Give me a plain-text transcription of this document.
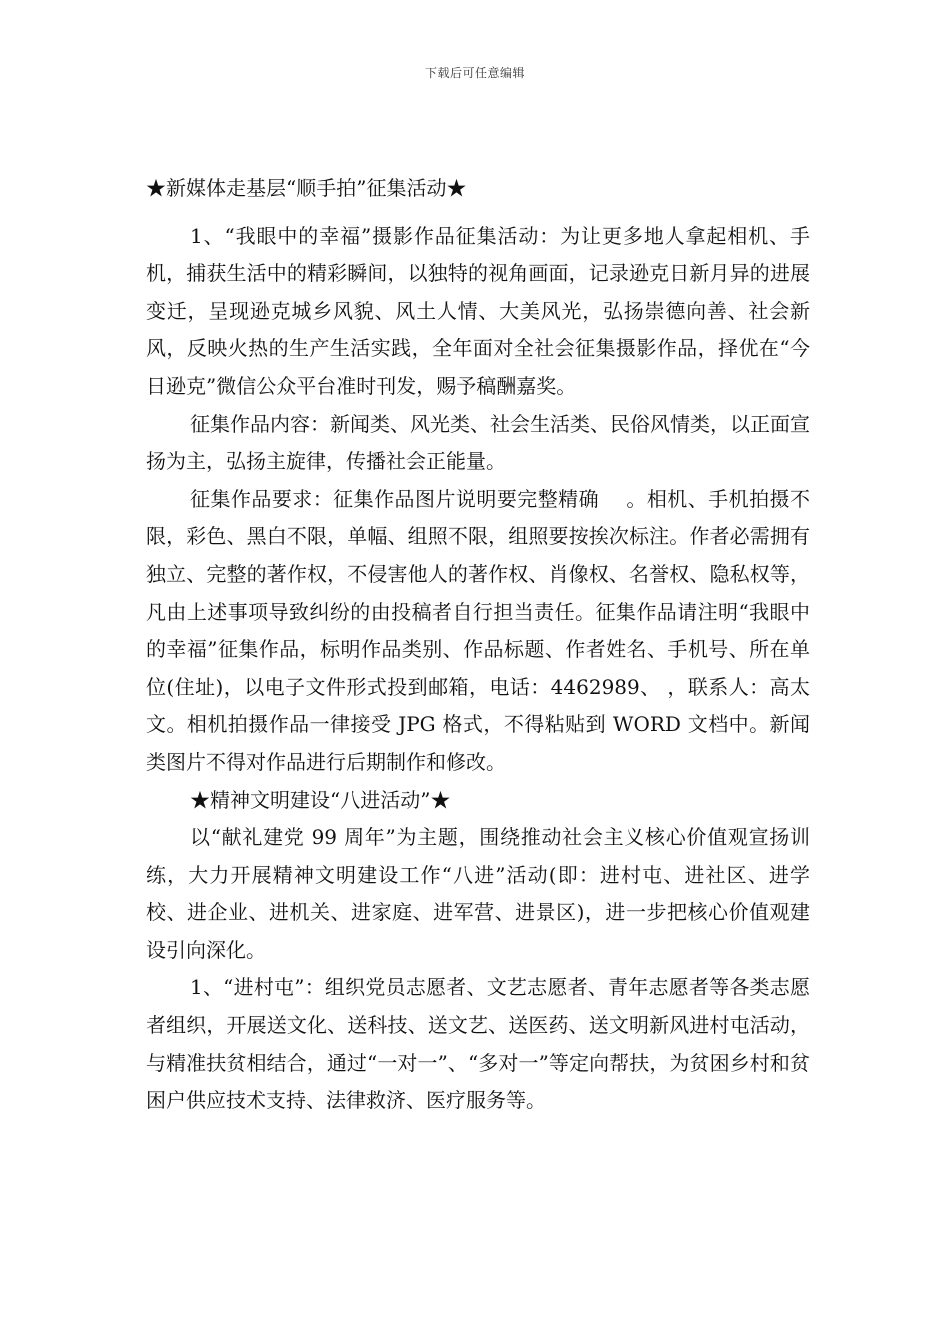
下载后可任意编辑

★新媒体走基层“顺手拍”征集活动★

1、“我眼中的幸福”摄影作品征集活动：为让更多地人拿起相机、手机，捕获生活中的精彩瞬间，以独特的视角画面，记录逊克日新月异的进展变迁，呈现逊克城乡风貌、风土人情、大美风光，弘扬崇德向善、社会新风，反映火热的生产生活实践，全年面对全社会征集摄影作品，择优在“今日逊克”微信公众平台准时刊发，赐予稿酬嘉奖。

征集作品内容：新闻类、风光类、社会生活类、民俗风情类，以正面宣扬为主，弘扬主旋律，传播社会正能量。

征集作品要求：征集作品图片说明要完整精确　 。相机、手机拍摄不限，彩色、黑白不限，单幅、组照不限，组照要按挨次标注。作者必需拥有独立、完整的著作权，不侵害他人的著作权、肖像权、名誉权、隐私权等，凡由上述事项导致纠纷的由投稿者自行担当责任。征集作品请注明“我眼中的幸福”征集作品，标明作品类别、作品标题、作者姓名、手机号、所在单位(住址)，以电子文件形式投到邮箱，电话：4462989、 ，联系人：高太文。相机拍摄作品一律接受 JPG 格式，不得粘贴到 WORD 文档中。新闻类图片不得对作品进行后期制作和修改。

★精神文明建设“八进活动”★

以“献礼建党 99 周年”为主题，围绕推动社会主义核心价值观宣扬训练，大力开展精神文明建设工作“八进”活动(即：进村屯、进社区、进学校、进企业、进机关、进家庭、进军营、进景区)，进一步把核心价值观建设引向深化。

1、“进村屯”：组织党员志愿者、文艺志愿者、青年志愿者等各类志愿者组织，开展送文化、送科技、送文艺、送医药、送文明新风进村屯活动，与精准扶贫相结合，通过“一对一”、“多对一”等定向帮扶，为贫困乡村和贫困户供应技术支持、法律救济、医疗服务等。
